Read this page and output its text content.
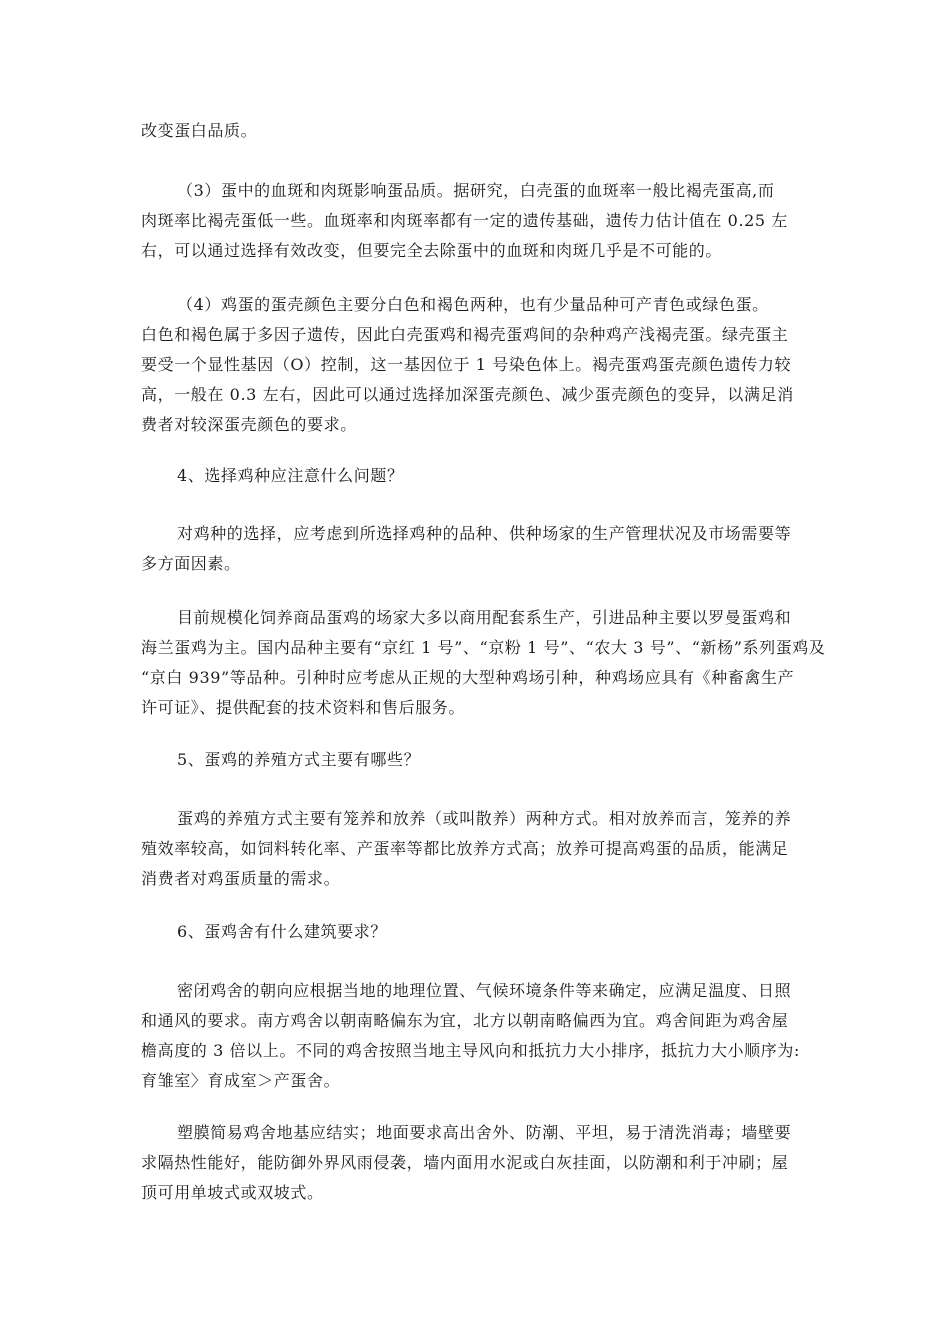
改变蛋白品质。
（3）蛋中的血斑和肉斑影响蛋品质。据研究，白壳蛋的血斑率一般比褐壳蛋高,而
肉斑率比褐壳蛋低一些。血斑率和肉斑率都有一定的遗传基础，遗传力估计值在 0.25 左
右，可以通过选择有效改变，但要完全去除蛋中的血斑和肉斑几乎是不可能的。
（4）鸡蛋的蛋壳颜色主要分白色和褐色两种，也有少量品种可产青色或绿色蛋。
白色和褐色属于多因子遗传，因此白壳蛋鸡和褐壳蛋鸡间的杂种鸡产浅褐壳蛋。绿壳蛋主
要受一个显性基因（O）控制，这一基因位于 1 号染色体上。褐壳蛋鸡蛋壳颜色遗传力较
高，一般在 0.3 左右，因此可以通过选择加深蛋壳颜色、减少蛋壳颜色的变异，以满足消
费者对较深蛋壳颜色的要求。
4、选择鸡种应注意什么问题？
对鸡种的选择，应考虑到所选择鸡种的品种、供种场家的生产管理状况及市场需要等
多方面因素。
目前规模化饲养商品蛋鸡的场家大多以商用配套系生产，引进品种主要以罗曼蛋鸡和
海兰蛋鸡为主。国内品种主要有“京红 1 号”、“京粉 1 号”、“农大 3 号”、“新杨”系列蛋鸡及
“京白 939”等品种。引种时应考虑从正规的大型种鸡场引种，种鸡场应具有《种畜禽生产
许可证》、提供配套的技术资料和售后服务。
5、蛋鸡的养殖方式主要有哪些？
蛋鸡的养殖方式主要有笼养和放养（或叫散养）两种方式。相对放养而言，笼养的养
殖效率较高，如饲料转化率、产蛋率等都比放养方式高；放养可提高鸡蛋的品质，能满足
消费者对鸡蛋质量的需求。
6、蛋鸡舍有什么建筑要求？
密闭鸡舍的朝向应根据当地的地理位置、气候环境条件等来确定，应满足温度、日照
和通风的要求。南方鸡舍以朝南略偏东为宜，北方以朝南略偏西为宜。鸡舍间距为鸡舍屋
檐高度的 3 倍以上。不同的鸡舍按照当地主导风向和抵抗力大小排序，抵抗力大小顺序为:
育雏室〉育成室＞产蛋舍。
塑膜简易鸡舍地基应结实；地面要求高出舍外、防潮、平坦，易于清洗消毒；墙壁要
求隔热性能好，能防御外界风雨侵袭，墙内面用水泥或白灰挂面，以防潮和利于冲刷；屋
顶可用单坡式或双坡式。
